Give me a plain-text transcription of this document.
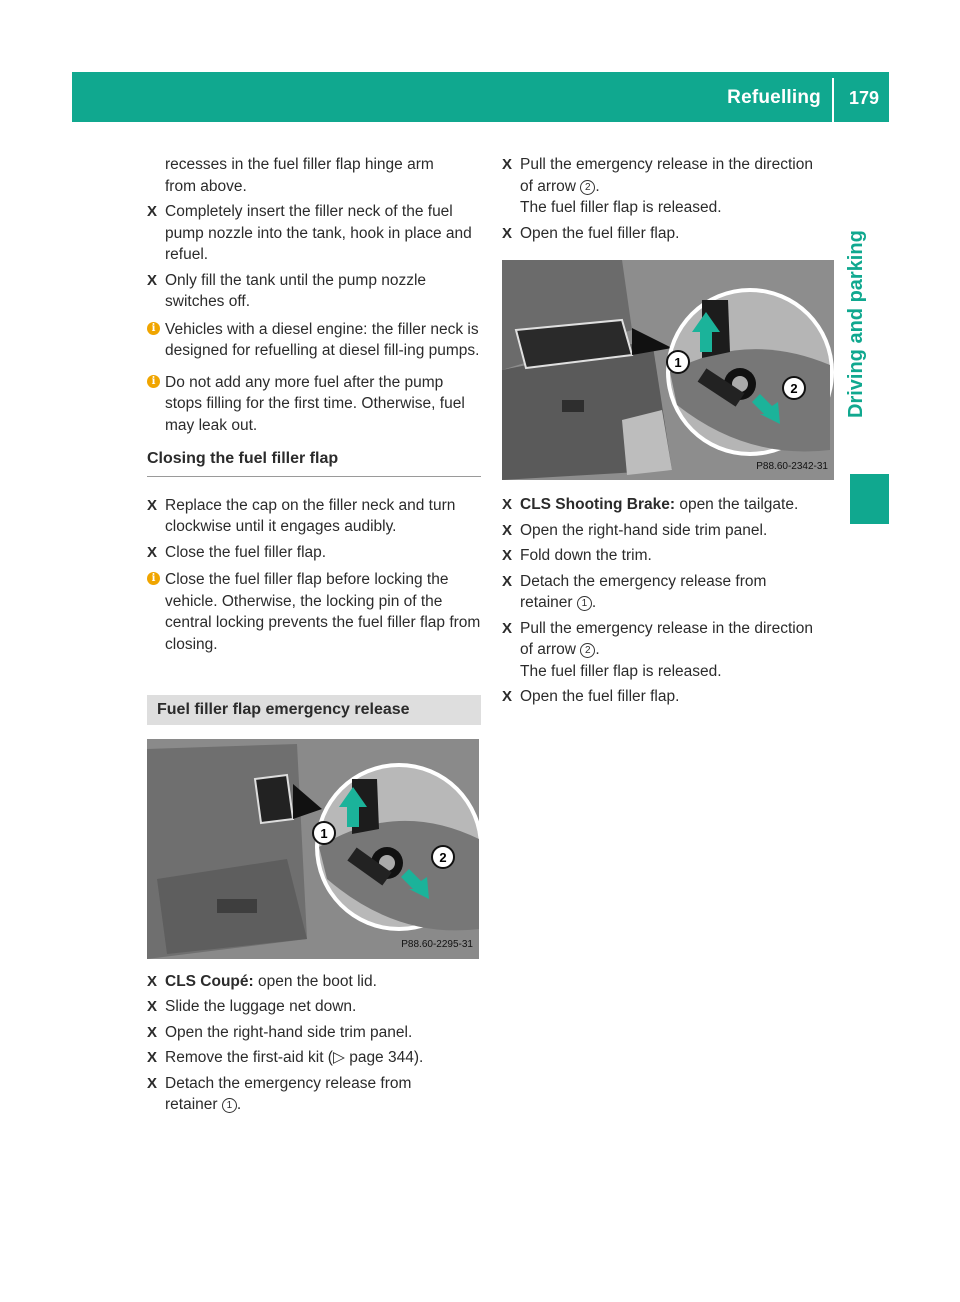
Refuelling 179
Driving and parking

recesses in the fuel filler flap hinge arm
from above.

X Completely insert the filler neck of the fuel pump nozzle into the tank, hook in place and refuel.

X Only fill the tank until the pump nozzle switches off.

i Vehicles with a diesel engine: the filler neck is designed for refuelling at diesel fill-ing pumps.

i Do not add any more fuel after the pump stops filling for the first time. Otherwise, fuel may leak out.

Closing the fuel filler flap

X Replace the cap on the filler neck and turn clockwise until it engages audibly.

X Close the fuel filler flap.

i Close the fuel filler flap before locking the vehicle. Otherwise, the locking pin of the central locking prevents the fuel filler flap from closing.

Fuel filler flap emergency release
1
2
P88.60-2295-31

X CLS Coupé: open the boot lid.

X Slide the luggage net down.

X Open the right-hand side trim panel.

X Remove the first-aid kit (▷ page 344).

X Detach the emergency release from
retainer 1 .

X Pull the emergency release in the direction
of arrow 2 .
The fuel filler flap is released.

X Open the fuel filler flap.

1
2
P88.60-2342-31

X CLS Shooting Brake: open the tailgate.

X Open the right-hand side trim panel.

X Fold down the trim.

X Detach the emergency release from
retainer 1 .

X Pull the emergency release in the direction
of arrow 2 .
The fuel filler flap is released.

X Open the fuel filler flap.
